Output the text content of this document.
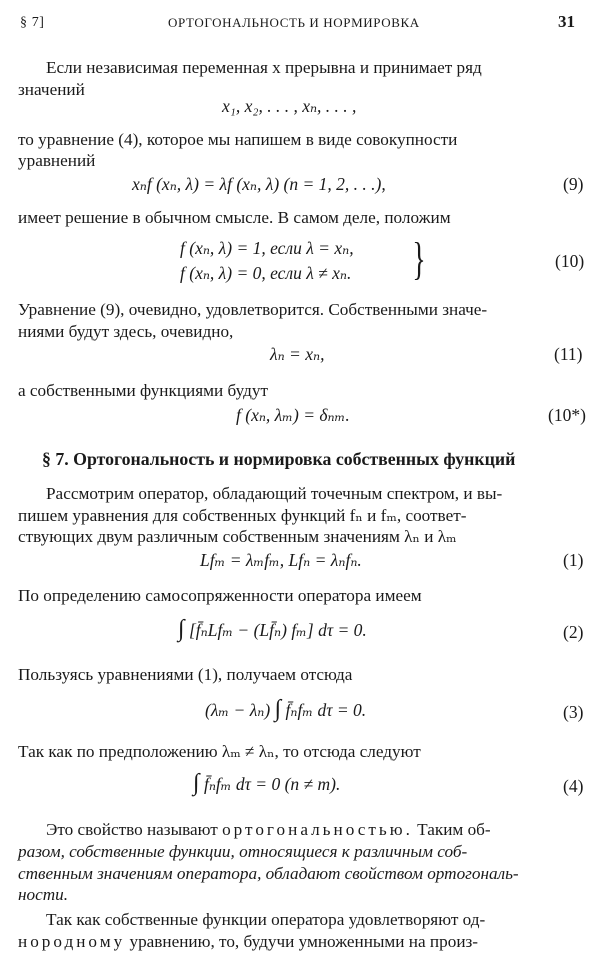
§ 7]	ОРТОГОНАЛЬНОСТЬ И НОРМИРОВКА	31
Если независимая переменная x прерывна и принимает ряд
значений
x₁, x₂, . . . , xₙ, . . . ,
то уравнение (4), которое мы напишем в виде совокупности
уравнений
xₙf (xₙ, λ) = λf (xₙ, λ) (n = 1, 2, . . .),	(9)
имеет решение в обычном смысле. В самом деле, положим
f (xₙ, λ) = 1, если λ = xₙ,
f (xₙ, λ) = 0, если λ ≠ xₙ. }	(10)
Уравнение (9), очевидно, удовлетворится. Собственными значе-
ниями будут здесь, очевидно,
λₙ = xₙ,	(11)
а собственными функциями будут
f (xₙ, λₘ) = δₙₘ.	(10*)
§ 7. Ортогональность и нормировка собственных функций
Рассмотрим оператор, обладающий точечным спектром, и вы-
пишем уравнения для собственных функций fₙ и fₘ, соответ-
ствующих двум различным собственным значениям λₙ и λₘ
Lfₘ = λₘfₘ, Lfₙ = λₙfₙ.	(1)
По определению самосопряженности оператора имеем
∫ [f̄ₙLfₘ − (Lf̄ₙ) fₘ] dτ = 0.	(2)
Пользуясь уравнениями (1), получаем отсюда
(λₘ − λₙ) ∫ f̄ₙfₘ dτ = 0.	(3)
Так как по предположению λₘ ≠ λₙ, то отсюда следуют
∫ f̄ₙfₘ dτ = 0 (n ≠ m).	(4)
Это свойство называют ортогональностью. Таким об-
разом, собственные функции, относящиеся к различным соб-
ственным значениям оператора, обладают свойством ортогональ-
ности.
Так как собственные функции оператора удовлетворяют од-
нородному уравнению, то, будучи умноженными на произ-
